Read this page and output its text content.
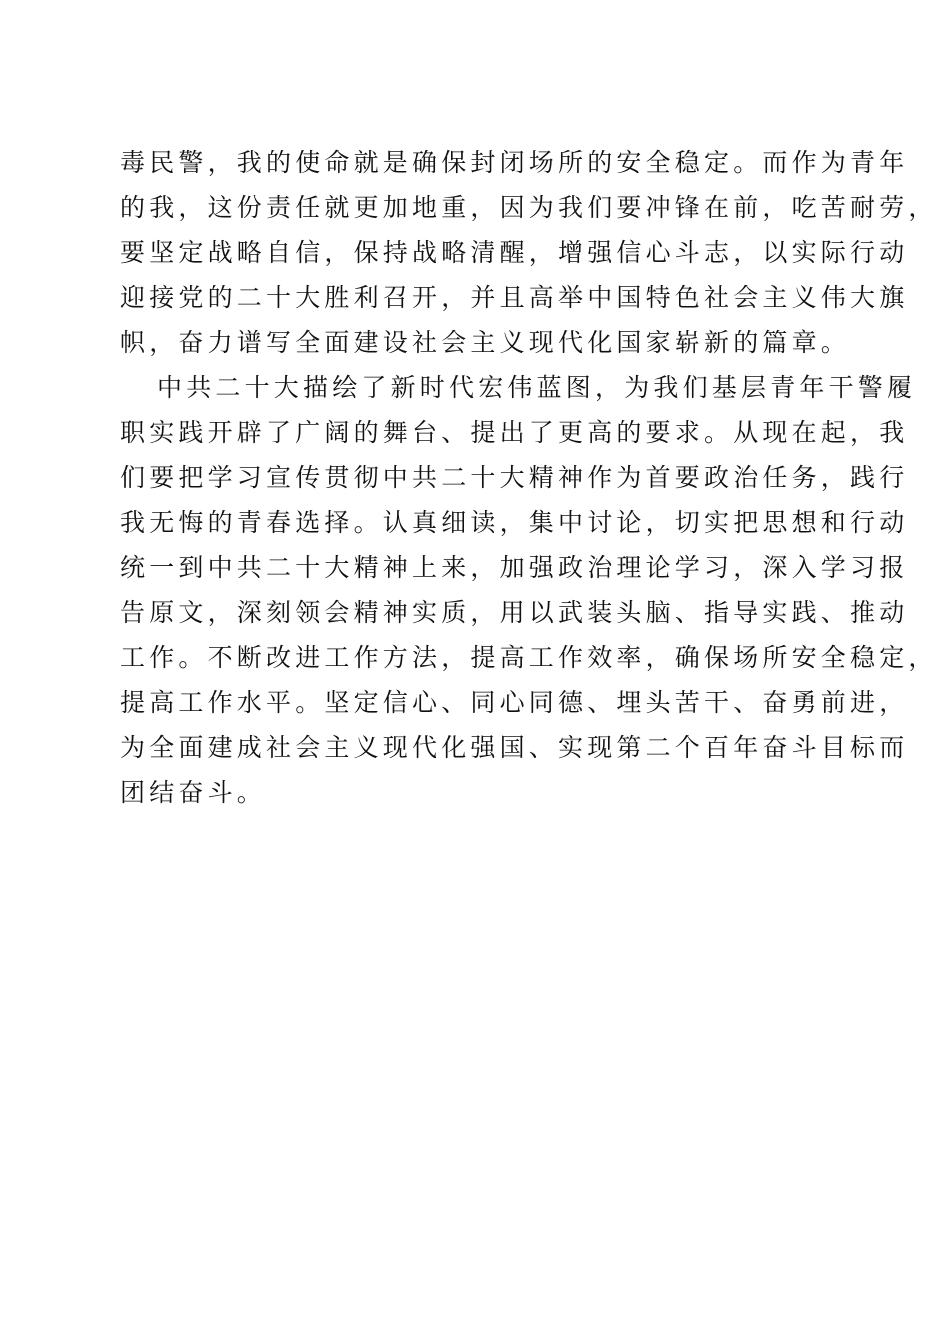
毒民警，我的使命就是确保封闭场所的安全稳定。而作为青年
的我，这份责任就更加地重，因为我们要冲锋在前，吃苦耐劳，
要坚定战略自信，保持战略清醒，增强信心斗志，以实际行动
迎接党的二十大胜利召开，并且高举中国特色社会主义伟大旗
帜，奋力谱写全面建设社会主义现代化国家崭新的篇章。
中共二十大描绘了新时代宏伟蓝图，为我们基层青年干警履
职实践开辟了广阔的舞台、提出了更高的要求。从现在起，我
们要把学习宣传贯彻中共二十大精神作为首要政治任务，践行
我无悔的青春选择。认真细读，集中讨论，切实把思想和行动
统一到中共二十大精神上来，加强政治理论学习，深入学习报
告原文，深刻领会精神实质，用以武装头脑、指导实践、推动
工作。不断改进工作方法，提高工作效率，确保场所安全稳定，
提高工作水平。坚定信心、同心同德、埋头苦干、奋勇前进，
为全面建成社会主义现代化强国、实现第二个百年奋斗目标而
团结奋斗。
